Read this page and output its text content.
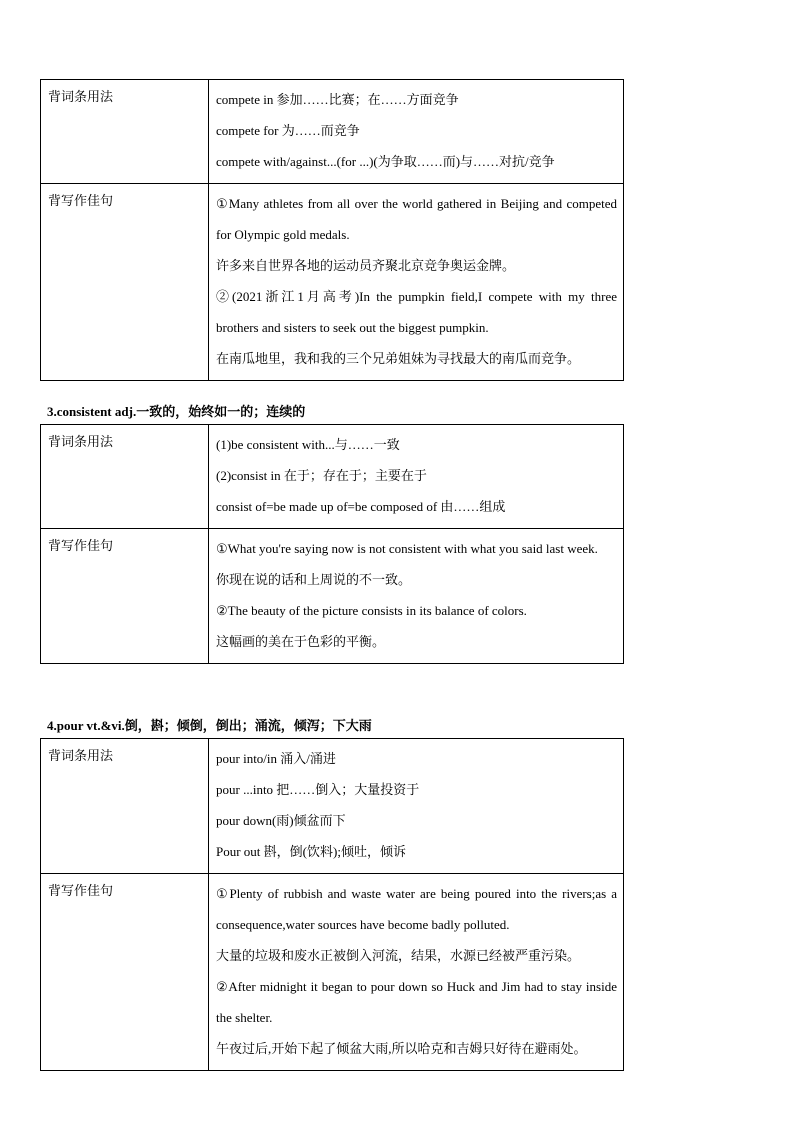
背词条用法	compete in 参加……比赛；在……方面竞争
compete for 为……而竞争
compete with/against...(for ...)(为争取……而)与……对抗/竞争

背写作佳句	①Many athletes from all over the world gathered in Beijing and competed for Olympic gold medals.
许多来自世界各地的运动员齐聚北京竞争奥运金牌。
②(2021浙江1月高考)In the pumpkin field,I compete with my three brothers and sisters to seek out the biggest pumpkin.
在南瓜地里，我和我的三个兄弟姐妹为寻找最大的南瓜而竞争。
3.consistent adj.一致的，始终如一的；连续的
背词条用法	(1)be consistent with...与……一致
(2)consist in 在于；存在于；主要在于
consist of=be made up of=be composed of 由……组成

背写作佳句	①What you're saying now is not consistent with what you said last week.
你现在说的话和上周说的不一致。
②The beauty of the picture consists in its balance of colors.
这幅画的美在于色彩的平衡。
4.pour vt.&vi.倒，斟；倾倒，倒出；涌流，倾泻；下大雨
背词条用法	pour into/in 涌入/涌进
pour ...into 把……倒入；大量投资于
pour down(雨)倾盆而下
Pour out 斟，倒(饮料);倾吐，倾诉

背写作佳句	①Plenty of rubbish and waste water are being poured into the rivers;as a consequence,water sources have become badly polluted.
大量的垃圾和废水正被倒入河流，结果，水源已经被严重污染。
②After midnight it began to pour down so Huck and Jim had to stay inside the shelter.
午夜过后,开始下起了倾盆大雨,所以哈克和吉姆只好待在避雨处。
